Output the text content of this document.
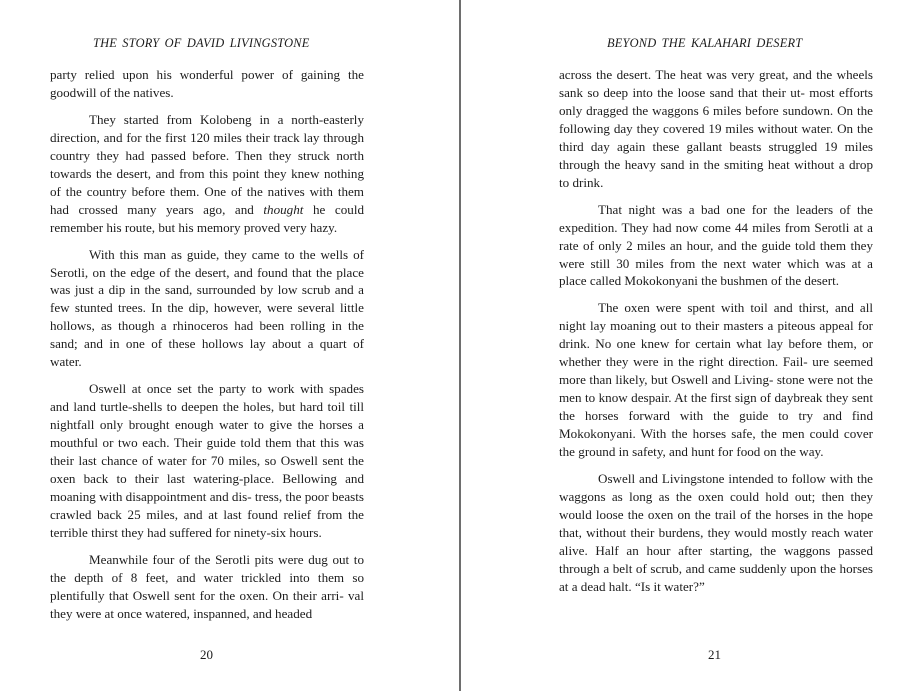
THE STORY OF DAVID LIVINGSTONE

party relied upon his wonderful power of gaining the goodwill of the natives.

They started from Kolobeng in a north-easterly direction, and for the first 120 miles their track lay through country they had passed before. Then they struck north towards the desert, and from this point they knew nothing of the country before them. One of the natives with them had crossed many years ago, and thought he could remember his route, but his memory proved very hazy.

With this man as guide, they came to the wells of Serotli, on the edge of the desert, and found that the place was just a dip in the sand, surrounded by low scrub and a few stunted trees. In the dip, however, were several little hollows, as though a rhinoceros had been rolling in the sand; and in one of these hollows lay about a quart of water.

Oswell at once set the party to work with spades and land turtle-shells to deepen the holes, but hard toil till nightfall only brought enough water to give the horses a mouthful or two each. Their guide told them that this was their last chance of water for 70 miles, so Oswell sent the oxen back to their last watering-place. Bellowing and moaning with disappointment and dis- tress, the poor beasts crawled back 25 miles, and at last found relief from the terrible thirst they had suffered for ninety-six hours.

Meanwhile four of the Serotli pits were dug out to the depth of 8 feet, and water trickled into them so plentifully that Oswell sent for the oxen. On their arri- val they were at once watered, inspanned, and headed

20
BEYOND THE KALAHARI DESERT

across the desert. The heat was very great, and the wheels sank so deep into the loose sand that their ut- most efforts only dragged the waggons 6 miles before sundown. On the following day they covered 19 miles without water. On the third day again these gallant beasts struggled 19 miles through the heavy sand in the smiting heat without a drop to drink.

That night was a bad one for the leaders of the expedition. They had now come 44 miles from Serotli at a rate of only 2 miles an hour, and the guide told them they were still 30 miles from the next water which was at a place called Mokokonyani the bushmen of the desert.

The oxen were spent with toil and thirst, and all night lay moaning out to their masters a piteous appeal for drink. No one knew for certain what lay before them, or whether they were in the right direction. Fail- ure seemed more than likely, but Oswell and Living- stone were not the men to know despair. At the first sign of daybreak they sent the horses forward with the guide to try and find Mokokonyani. With the horses safe, the men could cover the ground in safety, and hunt for food on the way.

Oswell and Livingstone intended to follow with the waggons as long as the oxen could hold out; then they would loose the oxen on the trail of the horses in the hope that, without their burdens, they would mostly reach water alive. Half an hour after starting, the waggons passed through a belt of scrub, and came suddenly upon the horses at a dead halt. “Is it water?”

21
